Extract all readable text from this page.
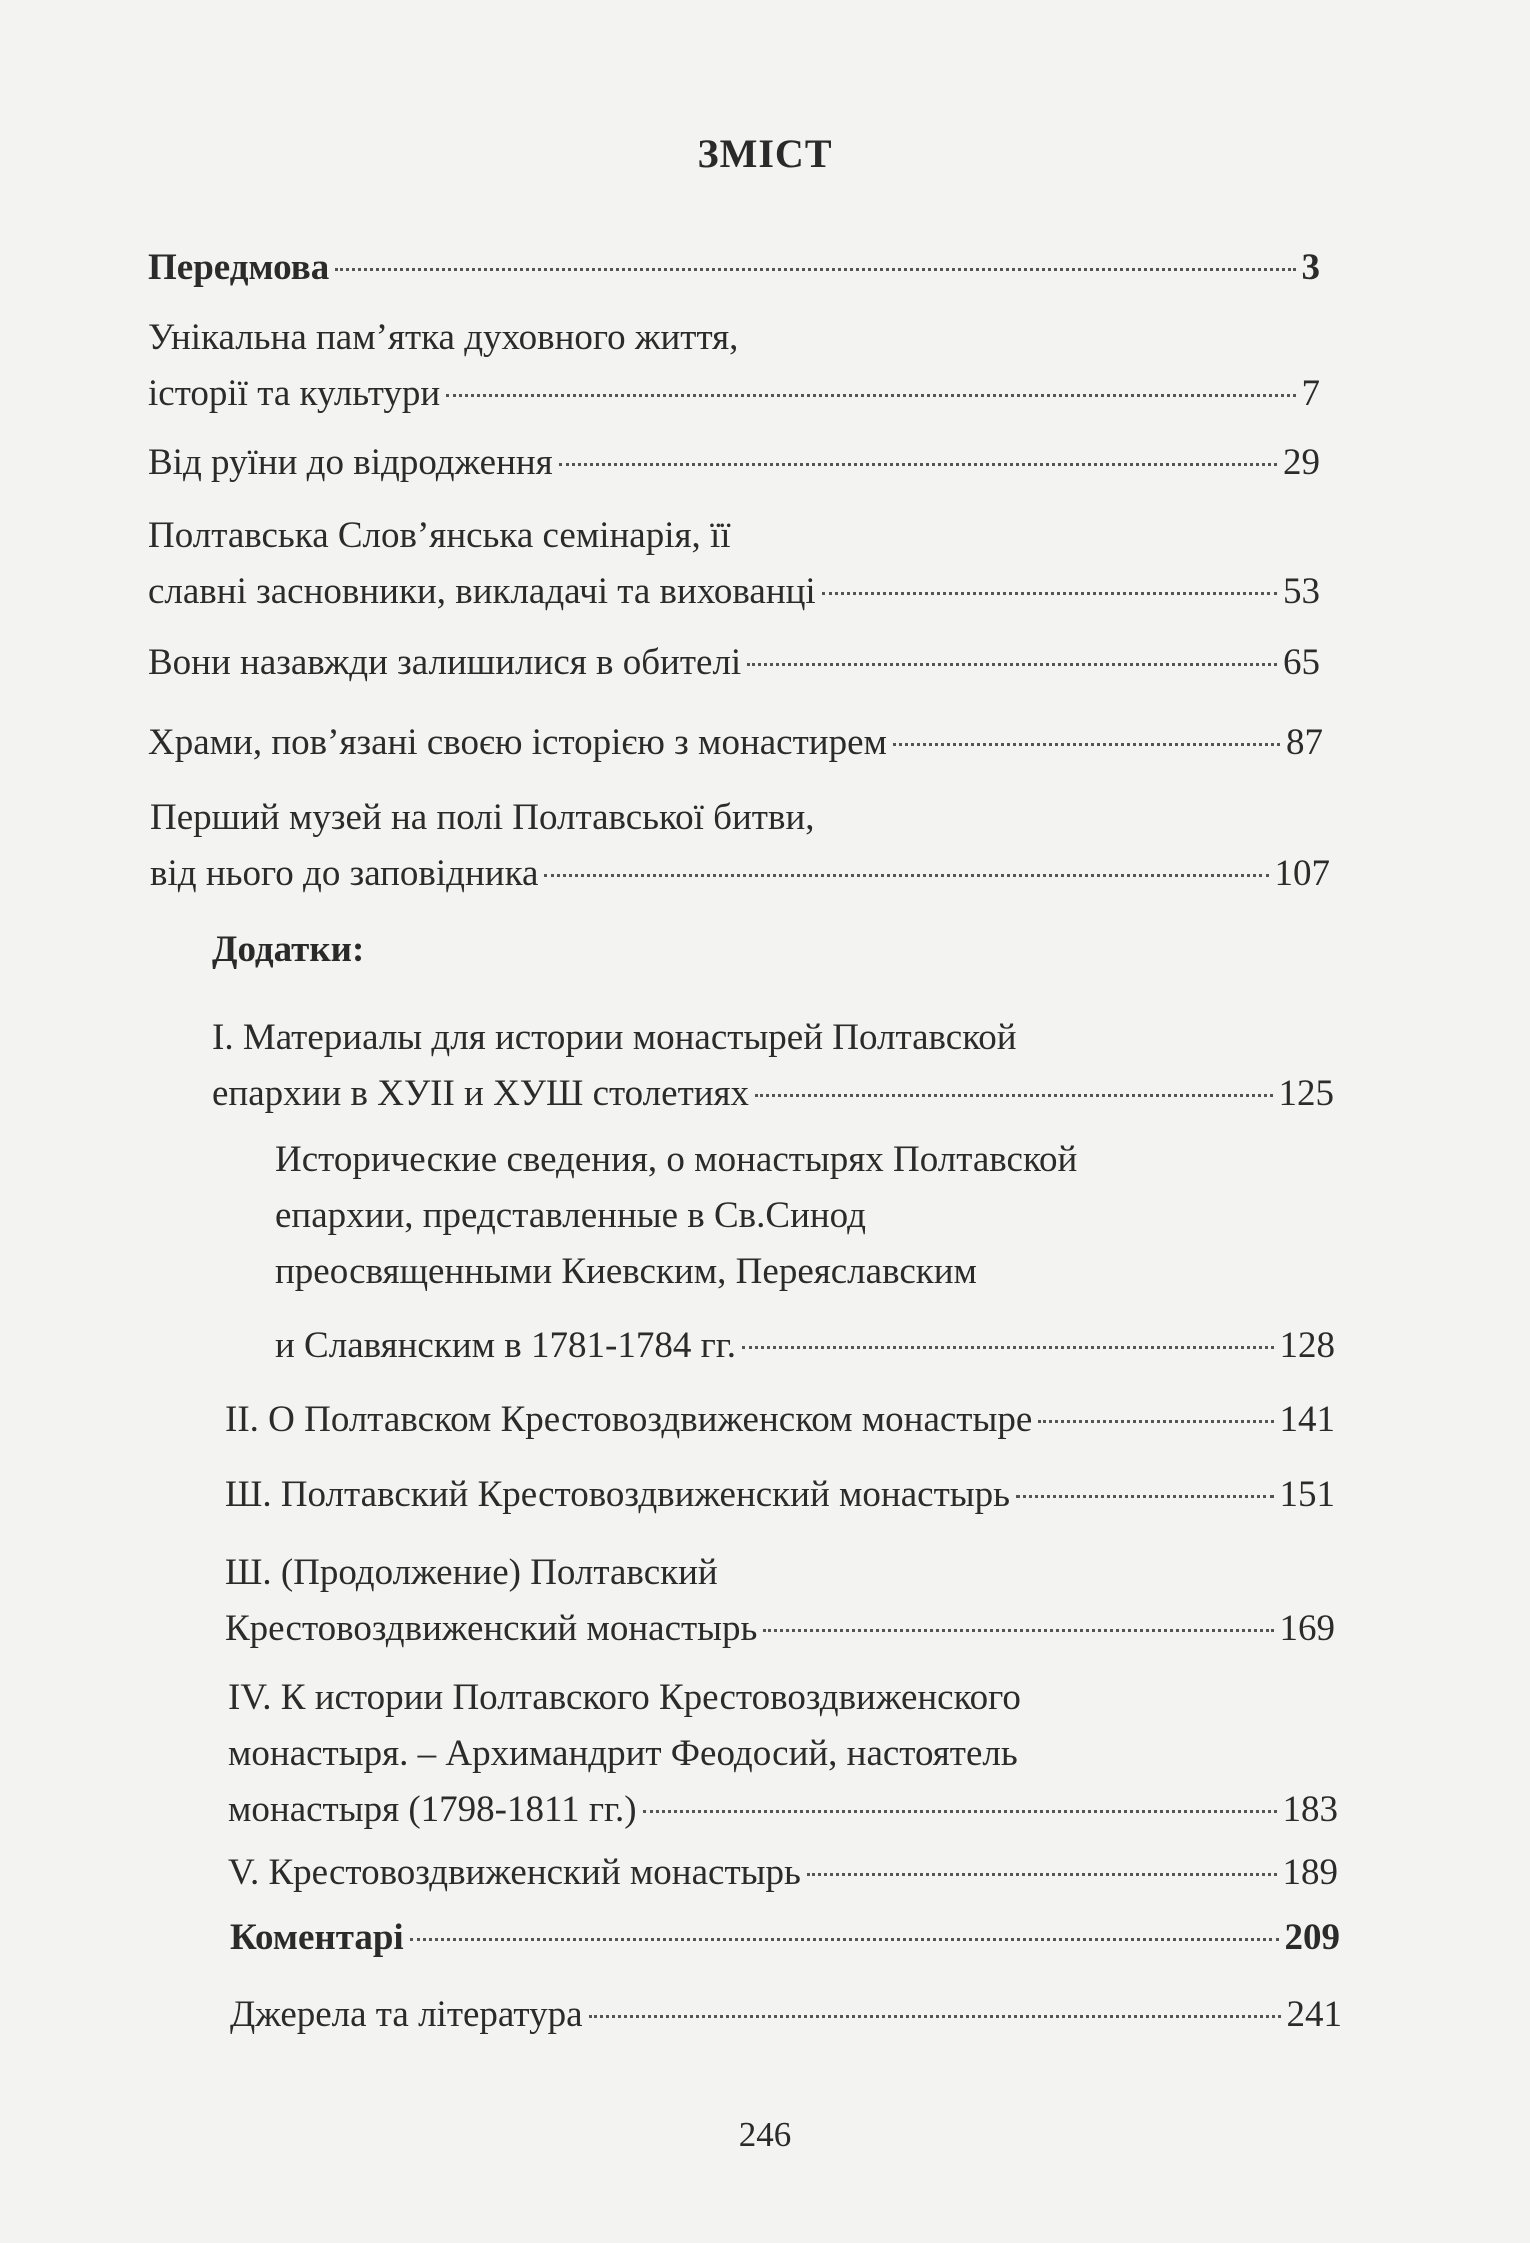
ЗМІСТ
Передмова	3
Унікальна пам’ятка духовного життя,
історії та культури	7
Від руїни до відродження	29
Полтавська Слов’янська семінарія, її
славні засновники, викладачі та вихованці	53
Вони назавжди залишилися в обителі	65
Храми, пов’язані своєю історією з монастирем	87
Перший музей на полі Полтавської битви,
від нього до заповідника	107
Додатки:
I. Материалы для истории монастырей Полтавской
епархии в ХУІІ и ХУШ столетиях	125
Исторические сведения, о монастырях Полтавской
епархии, представленные в Св.Синод
преосвященными Киевским, Переяславским
и Славянским в 1781-1784 гг.	128
II. О Полтавском Крестовоздвиженском монастыре	141
Ш. Полтавский Крестовоздвиженский монастырь	151
Ш. (Продолжение) Полтавский
Крестовоздвиженский монастырь	169
IV. К истории Полтавского Крестовоздвиженского
монастыря. – Архимандрит Феодосий, настоятель
монастыря (1798-1811 гг.)	183
V. Крестовоздвиженский монастырь	189
Коментарі	209
Джерела та література	241
246
